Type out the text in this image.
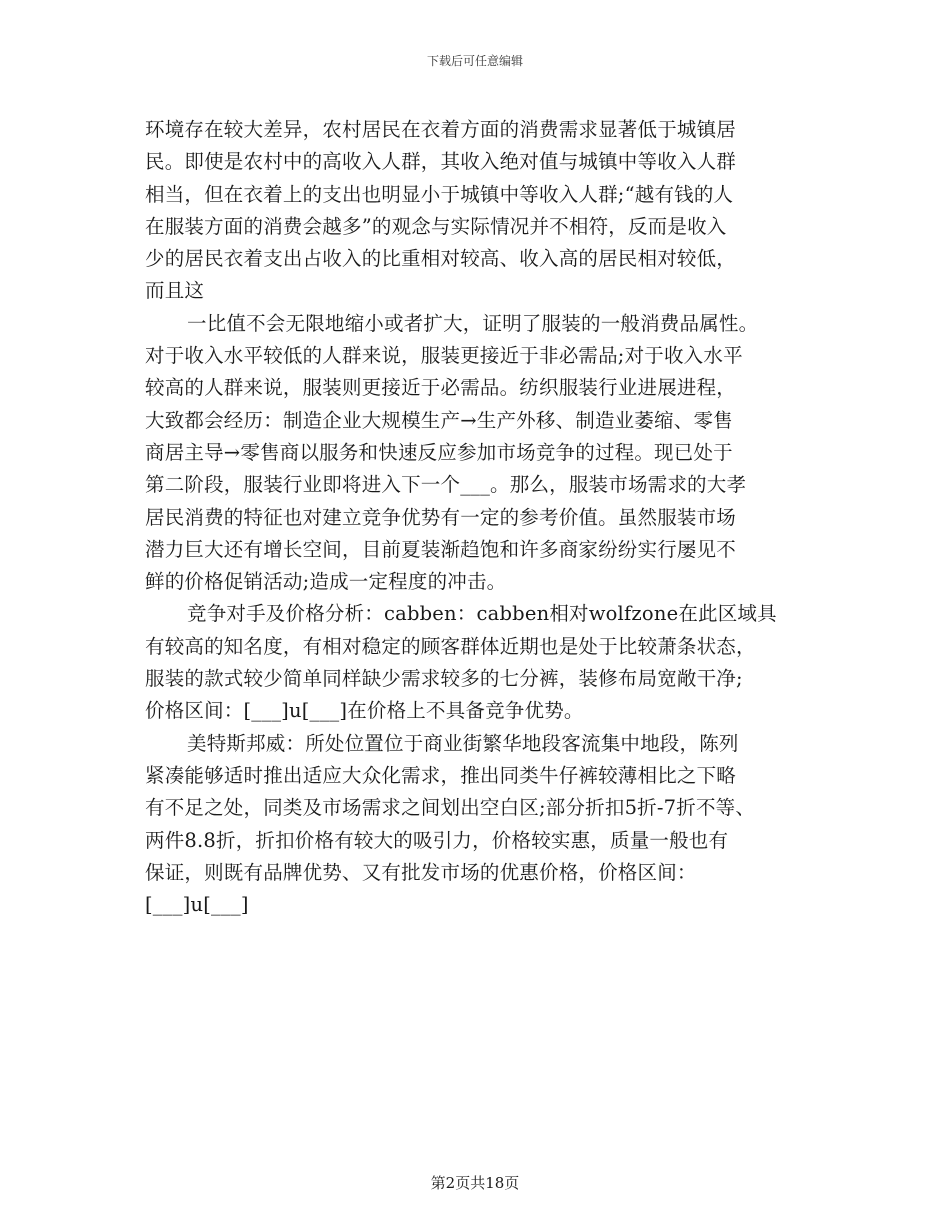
下载后可任意编辑
环境存在较大差异，农村居民在衣着方面的消费需求显著低于城镇居
民。即使是农村中的高收入人群，其收入绝对值与城镇中等收入人群
相当，但在衣着上的支出也明显小于城镇中等收入人群;“越有钱的人
在服装方面的消费会越多”的观念与实际情况并不相符，反而是收入
少的居民衣着支出占收入的比重相对较高、收入高的居民相对较低，
而且这
一比值不会无限地缩小或者扩大，证明了服装的一般消费品属性。
对于收入水平较低的人群来说，服装更接近于非必需品;对于收入水平
较高的人群来说，服装则更接近于必需品。纺织服装行业进展进程，
大致都会经历：制造企业大规模生产→生产外移、制造业萎缩、零售
商居主导→零售商以服务和快速反应参加市场竞争的过程。现已处于
第二阶段，服装行业即将进入下一个___。那么，服装市场需求的大孝
居民消费的特征也对建立竞争优势有一定的参考价值。虽然服装市场
潜力巨大还有增长空间，目前夏装渐趋饱和许多商家纷纷实行屡见不
鲜的价格促销活动;造成一定程度的冲击。
竞争对手及价格分析：cabben：cabben相对wolfzone在此区域具
有较高的知名度，有相对稳定的顾客群体近期也是处于比较萧条状态，
服装的款式较少简单同样缺少需求较多的七分裤，装修布局宽敞干净;
价格区间：[___]u[___]在价格上不具备竞争优势。
美特斯邦威：所处位置位于商业街繁华地段客流集中地段，陈列
紧凑能够适时推出适应大众化需求，推出同类牛仔裤较薄相比之下略
有不足之处，同类及市场需求之间划出空白区;部分折扣5折-7折不等、
两件8.8折，折扣价格有较大的吸引力，价格较实惠，质量一般也有
保证，则既有品牌优势、又有批发市场的优惠价格，价格区间：
[___]u[___]
第2页共18页
